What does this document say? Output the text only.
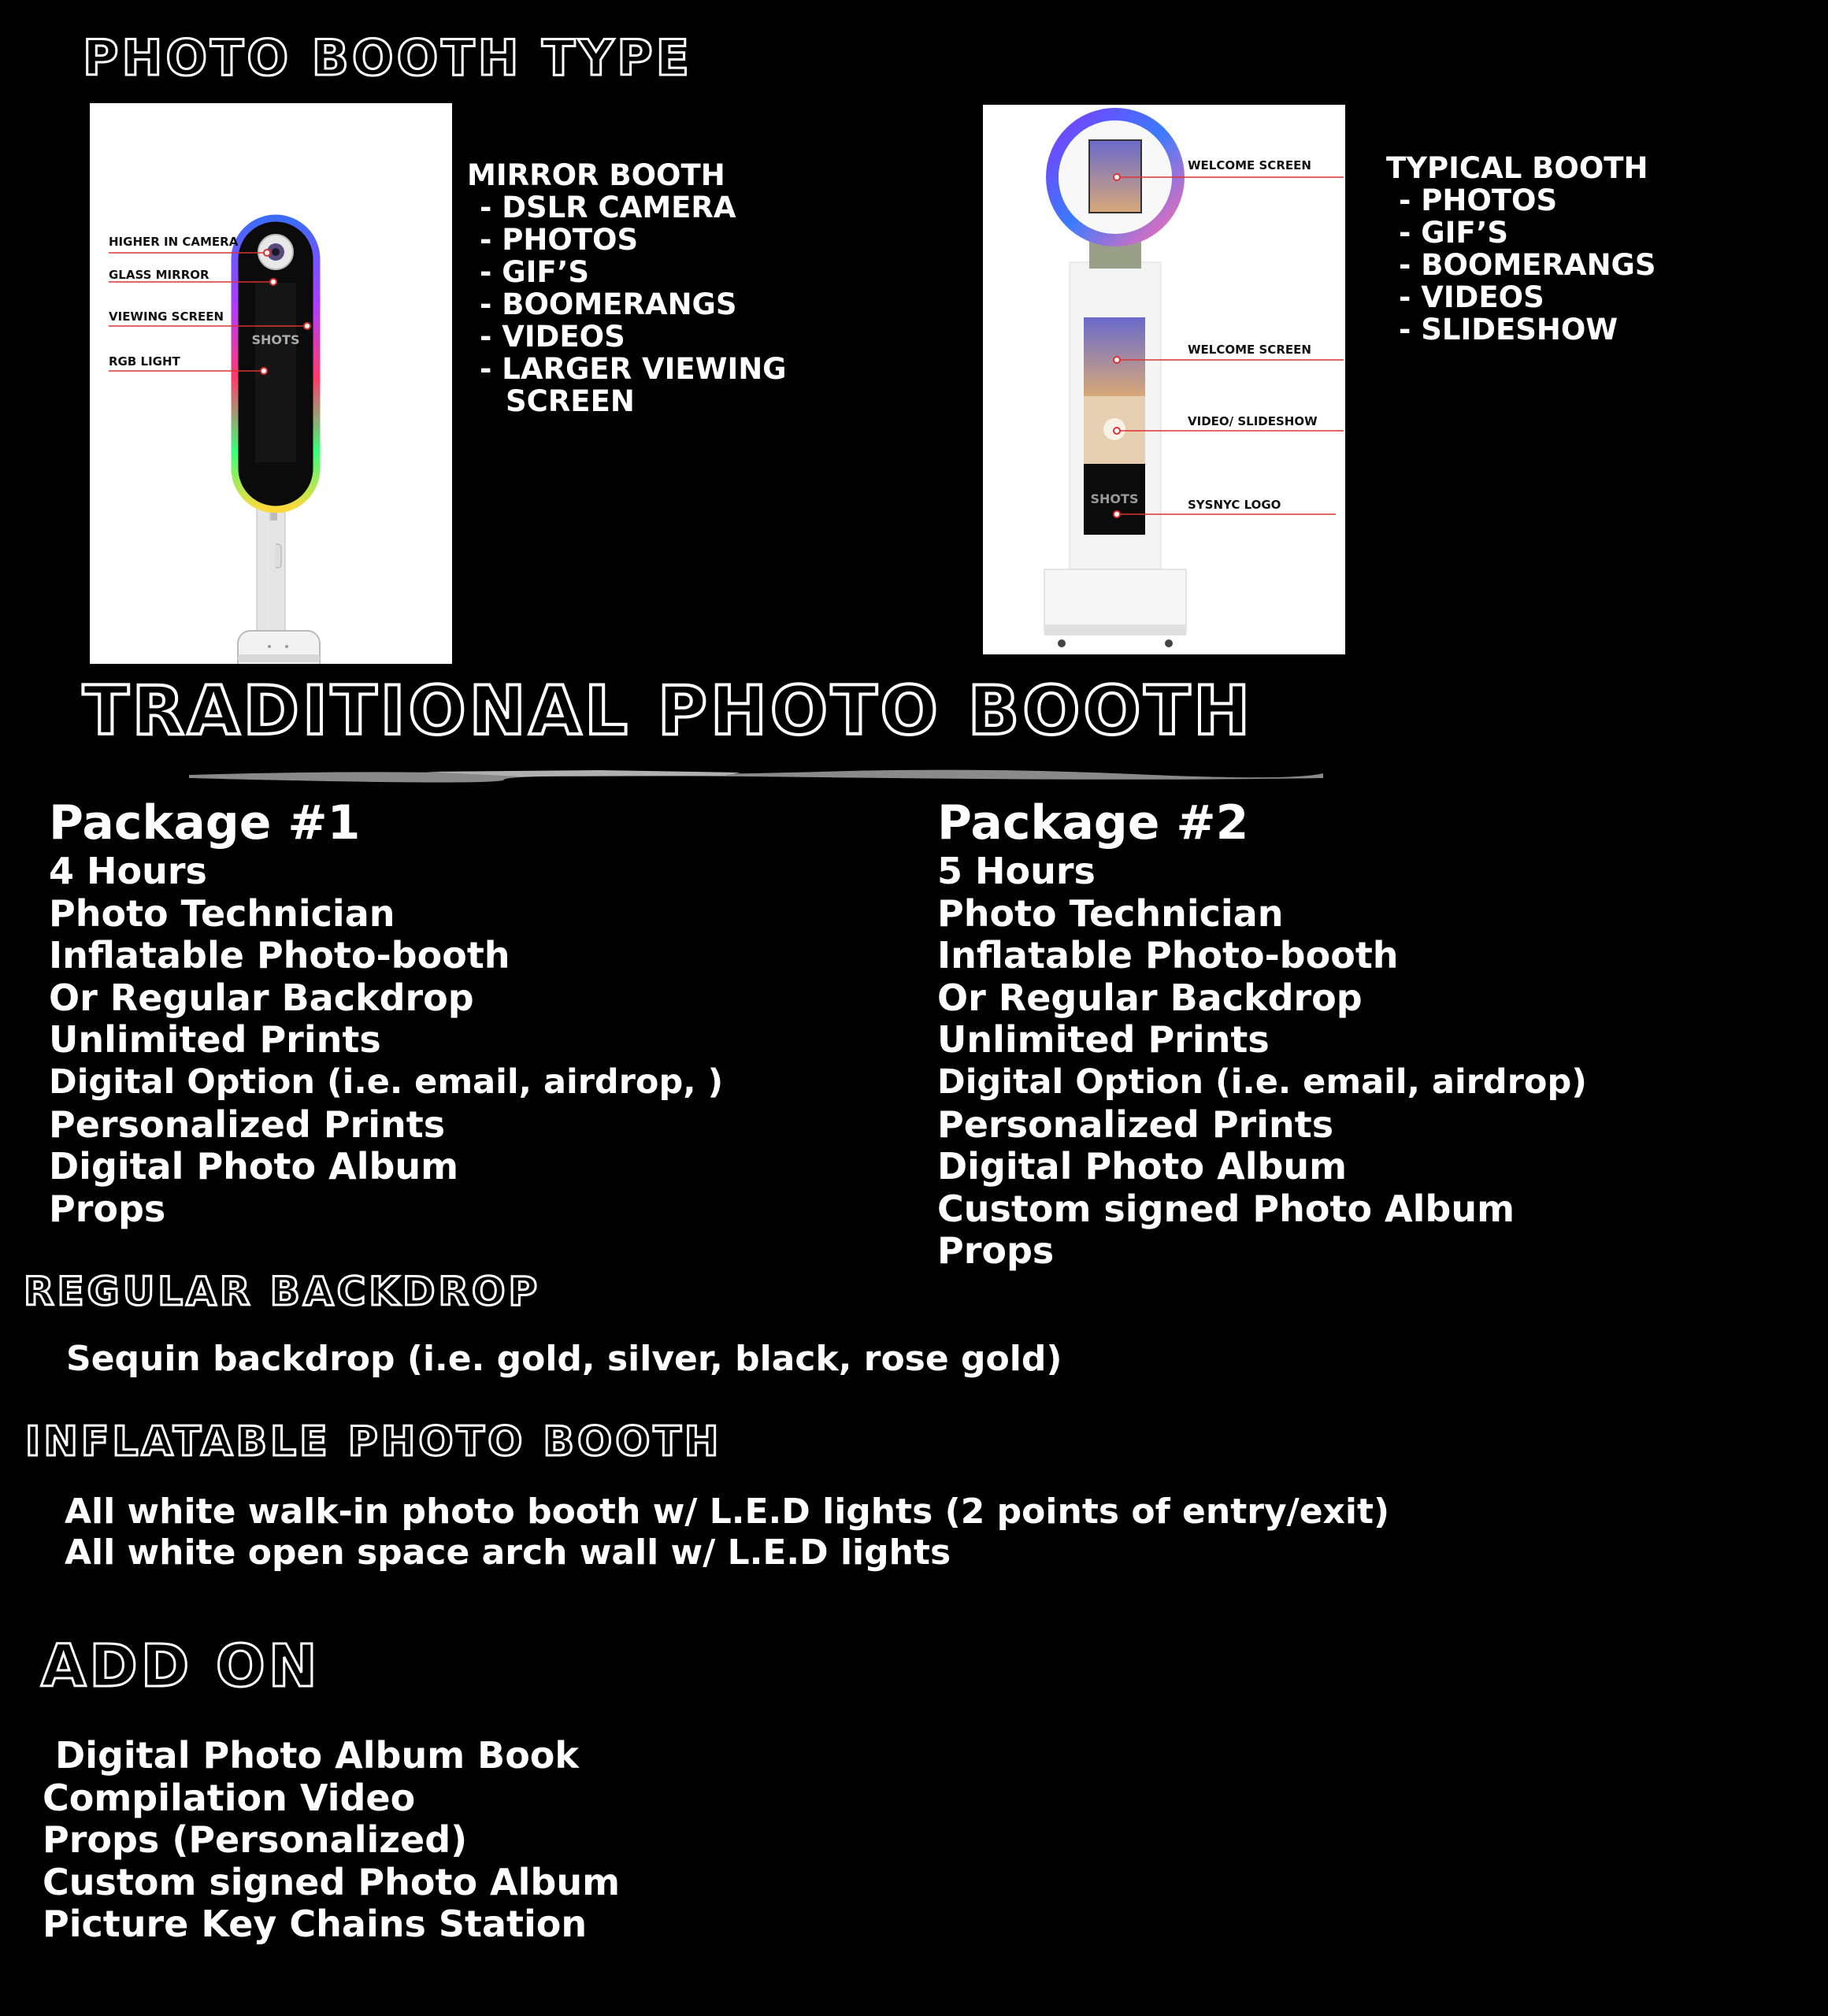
PHOTO BOOTH TYPE
SHOTS
HIGHER IN CAMERA
GLASS MIRROR
VIEWING SCREEN
RGB LIGHT
MIRROR BOOTH
- DSLR CAMERA
- PHOTOS
- GIF’S
- BOOMERANGS
- VIDEOS
- LARGER VIEWING
SCREEN
SHOTS
WELCOME SCREEN
WELCOME SCREEN
VIDEO/ SLIDESHOW
SYSNYC LOGO
TYPICAL BOOTH
- PHOTOS
- GIF’S
- BOOMERANGS
- VIDEOS
- SLIDESHOW
TRADITIONAL PHOTO BOOTH
Package #1
4 Hours
Photo Technician
Inflatable Photo-booth
Or Regular Backdrop
Unlimited Prints
Digital Option (i.e. email, airdrop, )
Personalized Prints
Digital Photo Album
Props
Package #2
5 Hours
Photo Technician
Inflatable Photo-booth
Or Regular Backdrop
Unlimited Prints
Digital Option (i.e. email, airdrop)
Personalized Prints
Digital Photo Album
Custom signed Photo Album
Props
REGULAR BACKDROP
Sequin backdrop (i.e. gold, silver, black, rose gold)
INFLATABLE PHOTO BOOTH
All white walk-in photo booth w/ L.E.D lights (2 points of entry/exit)
All white open space arch wall w/ L.E.D lights
ADD ON
Digital Photo Album Book
Compilation Video
Props (Personalized)
Custom signed Photo Album
Picture Key Chains Station
